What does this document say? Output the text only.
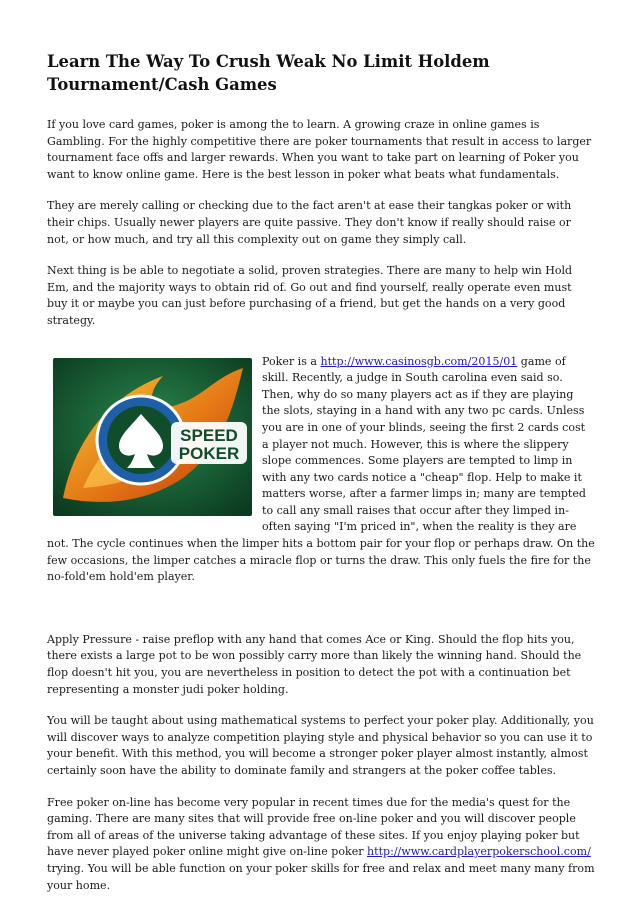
Learn The Way To Crush Weak No Limit Holdem Tournament/Cash Games

If you love card games, poker is among the to learn. A growing craze in online games is Gambling. For the highly competitive there are poker tournaments that result in access to larger tournament face offs and larger rewards. When you want to take part on learning of Poker you want to know online game. Here is the best lesson in poker what beats what fundamentals.

They are merely calling or checking due to the fact aren't at ease their tangkas poker or with their chips. Usually newer players are quite passive. They don't know if really should raise or not, or how much, and try all this complexity out on game they simply call.

Next thing is be able to negotiate a solid, proven strategies. There are many to help win Hold Em, and the majority ways to obtain rid of. Go out and find yourself, really operate even must buy it or maybe you can just before purchasing of a friend, but get the hands on a very good strategy.

SPEED
POKER

Poker is a http://www.casinosgb.com/2015/01 game of skill. Recently, a judge in South carolina even said so. Then, why do so many players act as if they are playing the slots, staying in a hand with any two pc cards. Unless you are in one of your blinds, seeing the first 2 cards cost a player not much. However, this is where the slippery slope commences. Some players are tempted to limp in with any two cards notice a "cheap" flop. Help to make it matters worse, after a farmer limps in; many are tempted to call any small raises that occur after they limped in-often saying "I'm priced in", when the reality is they are not. The cycle continues when the limper hits a bottom pair for your flop or perhaps draw. On the few occasions, the limper catches a miracle flop or turns the draw. This only fuels the fire for the no-fold'em hold'em player.

Apply Pressure - raise preflop with any hand that comes Ace or King. Should the flop hits you, there exists a large pot to be won possibly carry more than likely the winning hand. Should the flop doesn't hit you, you are nevertheless in position to detect the pot with a continuation bet representing a monster judi poker holding.

You will be taught about using mathematical systems to perfect your poker play. Additionally, you will discover ways to analyze competition playing style and physical behavior so you can use it to your benefit. With this method, you will become a stronger poker player almost instantly, almost certainly soon have the ability to dominate family and strangers at the poker coffee tables.

Free poker on-line has become very popular in recent times due for the media's quest for the gaming. There are many sites that will provide free on-line poker and you will discover people from all of areas of the universe taking advantage of these sites. If you enjoy playing poker but have never played poker online might give on-line poker http://www.cardplayerpokerschool.com/ trying. You will be able function on your poker skills for free and relax and meet many many from your home.
